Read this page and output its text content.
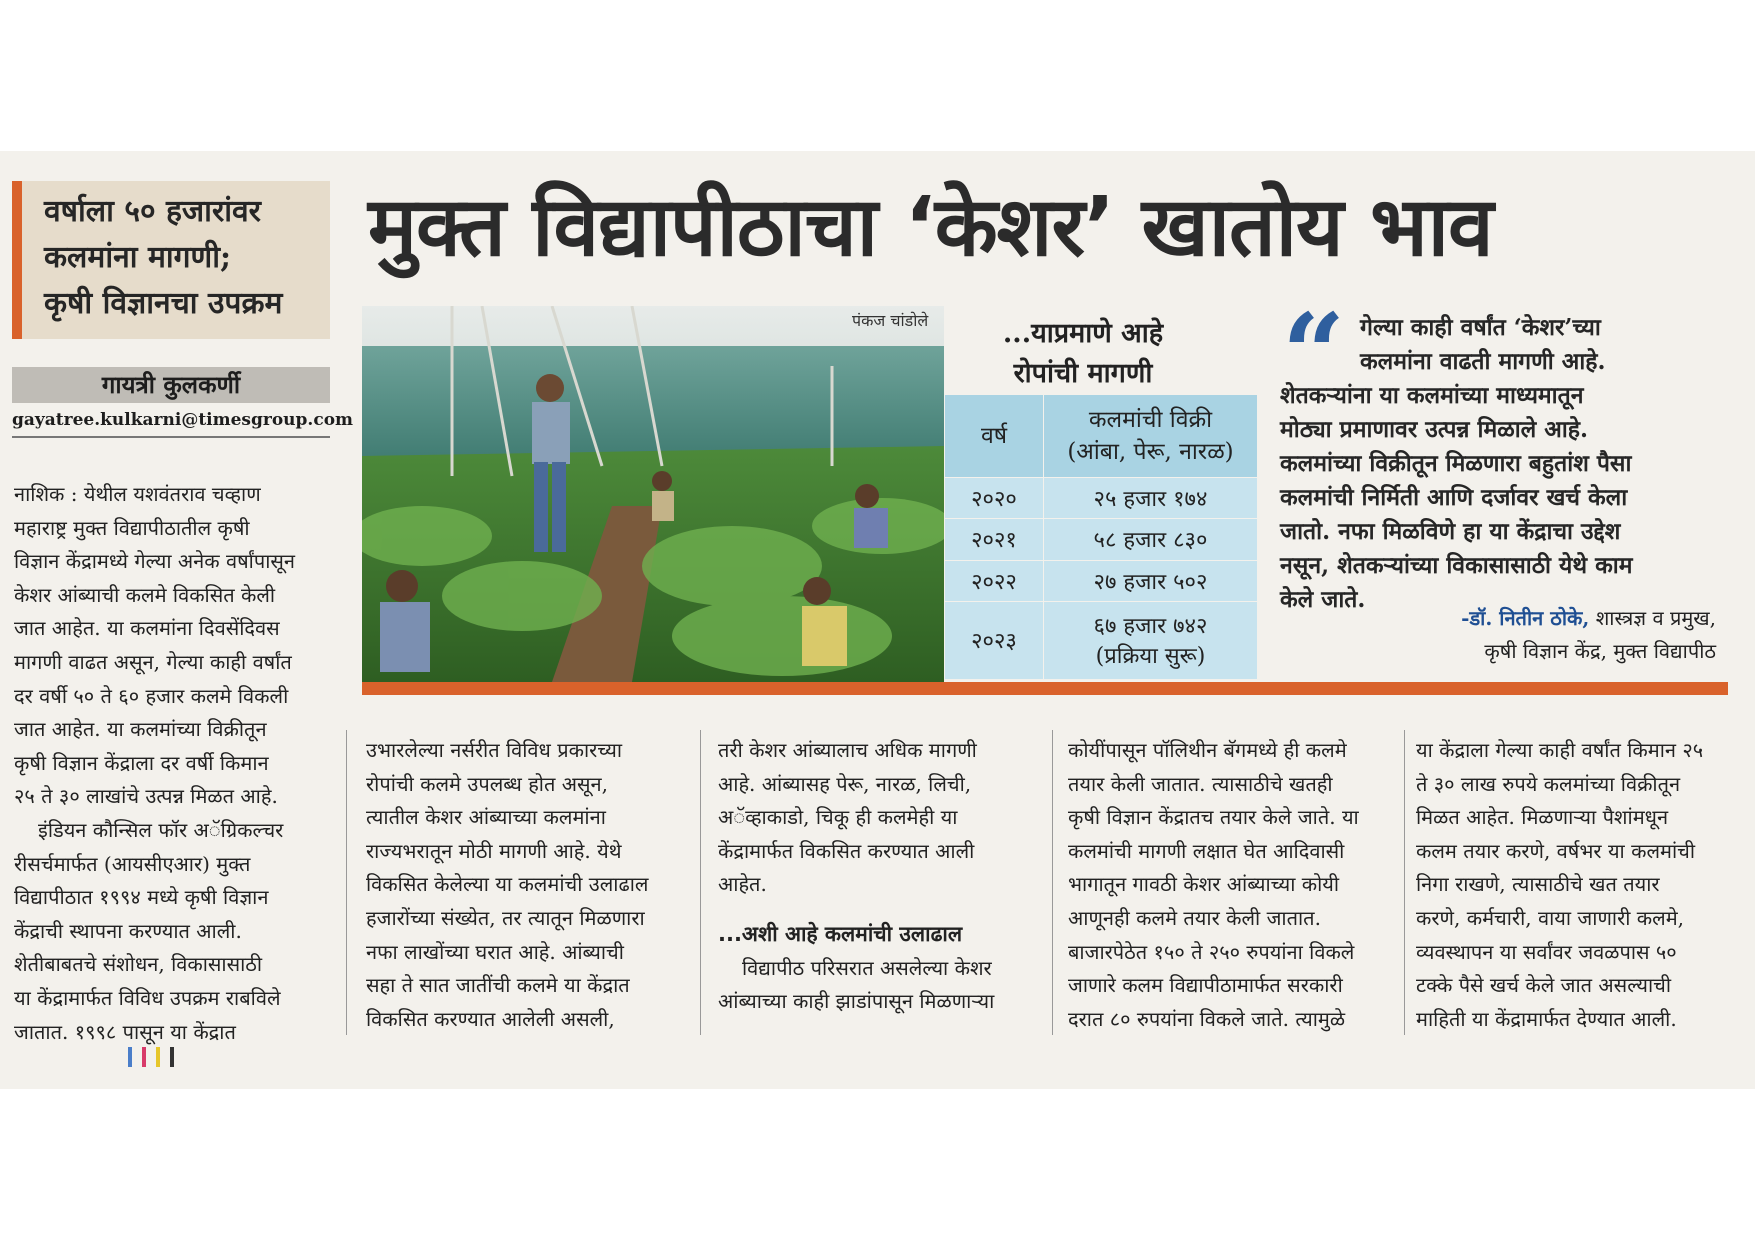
वर्षाला ५० हजारांवर
कलमांना मागणी;
कृषी विज्ञानचा उपक्रम
गायत्री कुलकर्णी
gayatree.kulkarni@timesgroup.com
मुक्त विद्यापीठाचा ‘केशर’ खातोय भाव
पंकज चांडोले	...याप्रमाणे आहे
रोपांची मागणी
वर्ष	कलमांची विक्री
(आंबा, पेरू, नारळ)

२०२०	२५ हजार १७४
२०२१	५८ हजार ८३०
२०२२	२७ हजार ५०२
२०२३	६७ हजार ७४२
(प्रक्रिया सुरू)
“ गेल्या काही वर्षांत ‘केशर’च्या
कलमांना वाढती मागणी आहे.
शेतकऱ्यांना या कलमांच्या माध्यमातून
मोठ्या प्रमाणावर उत्पन्न मिळाले आहे.
कलमांच्या विक्रीतून मिळणारा बहुतांश पैसा
कलमांची निर्मिती आणि दर्जावर खर्च केला
जातो. नफा मिळविणे हा या केंद्राचा उद्देश
नसून, शेतकऱ्यांच्या विकासासाठी येथे काम
केले जाते.
-डॉ. नितीन ठोके, शास्त्रज्ञ व प्रमुख,
कृषी विज्ञान केंद्र, मुक्त विद्यापीठ
नाशिक : येथील यशवंतराव चव्हाण
महाराष्ट्र मुक्त विद्यापीठातील कृषी
विज्ञान केंद्रामध्ये गेल्या अनेक वर्षांपासून
केशर आंब्याची कलमे विकसित केली
जात आहेत. या कलमांना दिवसेंदिवस
मागणी वाढत असून, गेल्या काही वर्षांत
दर वर्षी ५० ते ६० हजार कलमे विकली
जात आहेत. या कलमांच्या विक्रीतून
कृषी विज्ञान केंद्राला दर वर्षी किमान
२५ ते ३० लाखांचे उत्पन्न मिळत आहे.
इंडियन कौन्सिल फॉर अॅग्रिकल्चर
रीसर्चमार्फत (आयसीएआर) मुक्त
विद्यापीठात १९९४ मध्ये कृषी विज्ञान
केंद्राची स्थापना करण्यात आली.
शेतीबाबतचे संशोधन, विकासासाठी
या केंद्रामार्फत विविध उपक्रम राबविले
जातात. १९९८ पासून या केंद्रात
उभारलेल्या नर्सरीत विविध प्रकारच्या
रोपांची कलमे उपलब्ध होत असून,
त्यातील केशर आंब्याच्या कलमांना
राज्यभरातून मोठी मागणी आहे. येथे
विकसित केलेल्या या कलमांची उलाढाल
हजारोंच्या संख्येत, तर त्यातून मिळणारा
नफा लाखोंच्या घरात आहे. आंब्याची
सहा ते सात जातींची कलमे या केंद्रात
विकसित करण्यात आलेली असली,
तरी केशर आंब्यालाच अधिक मागणी
आहे. आंब्यासह पेरू, नारळ, लिची,
अॅव्हाकाडो, चिकू ही कलमेही या
केंद्रामार्फत विकसित करण्यात आली
आहेत.
...अशी आहे कलमांची उलाढाल
विद्यापीठ परिसरात असलेल्या केशर
आंब्याच्या काही झाडांपासून मिळणाऱ्या
कोयींपासून पॉलिथीन बॅगमध्ये ही कलमे
तयार केली जातात. त्यासाठीचे खतही
कृषी विज्ञान केंद्रातच तयार केले जाते. या
कलमांची मागणी लक्षात घेत आदिवासी
भागातून गावठी केशर आंब्याच्या कोयी
आणूनही कलमे तयार केली जातात.
बाजारपेठेत १५० ते २५० रुपयांना विकले
जाणारे कलम विद्यापीठामार्फत सरकारी
दरात ८० रुपयांना विकले जाते. त्यामुळे
या केंद्राला गेल्या काही वर्षांत किमान २५
ते ३० लाख रुपये कलमांच्या विक्रीतून
मिळत आहेत. मिळणाऱ्या पैशांमधून
कलम तयार करणे, वर्षभर या कलमांची
निगा राखणे, त्यासाठीचे खत तयार
करणे, कर्मचारी, वाया जाणारी कलमे,
व्यवस्थापन या सर्वांवर जवळपास ५०
टक्के पैसे खर्च केले जात असल्याची
माहिती या केंद्रामार्फत देण्यात आली.
